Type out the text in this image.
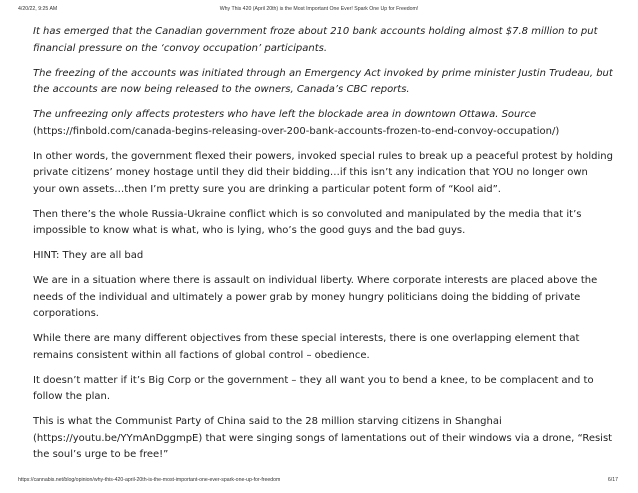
4/20/22, 9:25 AM	Why This 420 (April 20th) is the Most Important One Ever! Spark One Up for Freedom!

It has emerged that the Canadian government froze about 210 bank accounts holding almost $7.8 million to put financial pressure on the ‘convoy occupation’ participants.

The freezing of the accounts was initiated through an Emergency Act invoked by prime minister Justin Trudeau, but the accounts are now being released to the owners, Canada’s CBC reports.

The unfreezing only affects protesters who have left the blockade area in downtown Ottawa. Source
(https://finbold.com/canada-begins-releasing-over-200-bank-accounts-frozen-to-end-convoy-occupation/)

In other words, the government flexed their powers, invoked special rules to break up a peaceful protest by holding private citizens’ money hostage until they did their bidding…if this isn’t any indication that YOU no longer own your own assets…then I’m pretty sure you are drinking a particular potent form of “Kool aid”.

Then there’s the whole Russia-Ukraine conflict which is so convoluted and manipulated by the media that it’s impossible to know what is what, who is lying, who’s the good guys and the bad guys.

HINT: They are all bad

We are in a situation where there is assault on individual liberty. Where corporate interests are placed above the needs of the individual and ultimately a power grab by money hungry politicians doing the bidding of private corporations.

While there are many different objectives from these special interests, there is one overlapping element that remains consistent within all factions of global control – obedience.

It doesn’t matter if it’s Big Corp or the government – they all want you to bend a knee, to be complacent and to follow the plan.

This is what the Communist Party of China said to the 28 million starving citizens in Shanghai (https://youtu.be/YYmAnDggmpE) that were singing songs of lamentations out of their windows via a drone, “Resist the soul’s urge to be free!”

https://cannabis.net/blog/opinion/why-this-420-april-20th-is-the-most-important-one-ever-spark-one-up-for-freedom	6/17
